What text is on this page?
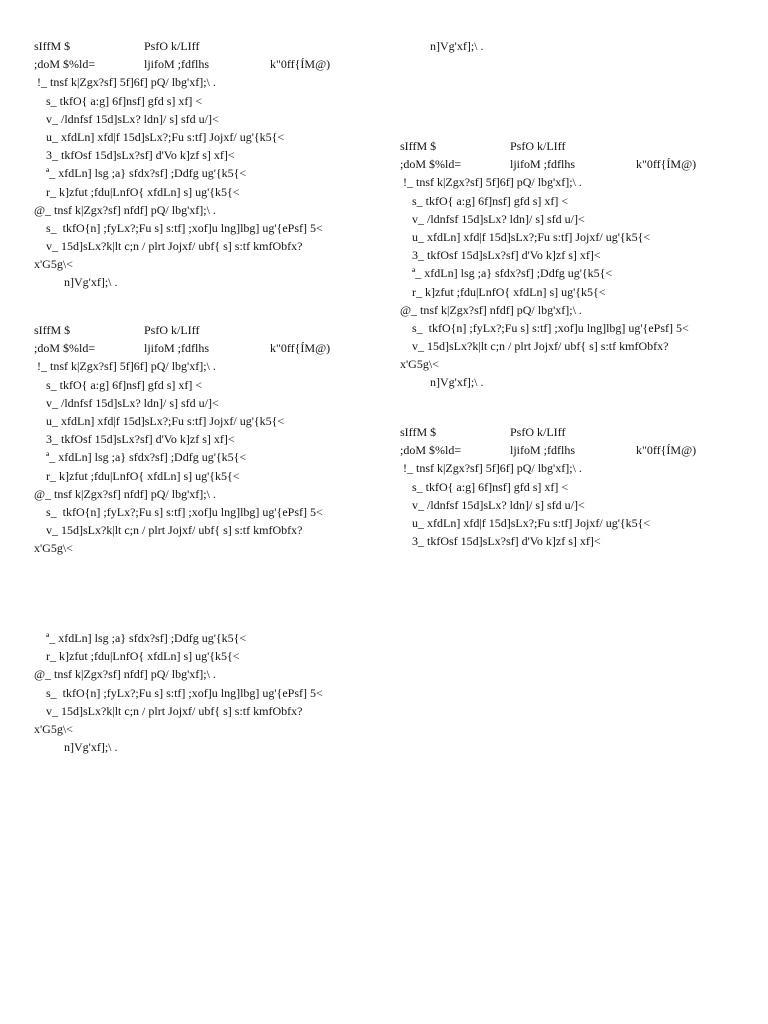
sIffM $	PsfO k/LIff
;doM $%ld=	ljifoM ;fdflhs	k"0ff{ÍM@)
!_ tnsf k|Zgx?sf] 5f]6f] pQ/ lbg'xf];\ .
s_ tkfO{ a:g] 6f]nsf] gfd s] xf] <
v_ /ldnfsf 15d]sLx? ldn]/ s] sfd u/]<
u_ xfdLn] xfd|f 15d]sLx?;Fu s:tf] Jojxf/ ug'{k5{<
3_ tkfOsf 15d]sLx?sf] d'Vo k]zf s] xf]<
ª_ xfdLn] lsg ;a} sfdx?sf] ;Ddfg ug'{k5{<
r_ k]zfut ;fdu|LnfO{ xfdLn] s] ug'{k5{<
@_ tnsf k|Zgx?sf] nfdf] pQ/ lbg'xf];\ .
s_  tkfO{n] ;fyLx?;Fu s] s:tf] ;xof]u lng]lbg] ug'{ePsf] 5<
v_ 15d]sLx?k|lt c;n / plrt Jojxf/ ubf{ s] s:tf kmfObfx?
x'G5g\<
n]Vg'xf];\ .
sIffM $	PsfO k/LIff
;doM $%ld=	ljifoM ;fdflhs	k"0ff{ÍM@)
!_ tnsf k|Zgx?sf] 5f]6f] pQ/ lbg'xf];\ .
s_ tkfO{ a:g] 6f]nsf] gfd s] xf] <
v_ /ldnfsf 15d]sLx? ldn]/ s] sfd u/]<
u_ xfdLn] xfd|f 15d]sLx?;Fu s:tf] Jojxf/ ug'{k5{<
3_ tkfOsf 15d]sLx?sf] d'Vo k]zf s] xf]<
ª_ xfdLn] lsg ;a} sfdx?sf] ;Ddfg ug'{k5{<
r_ k]zfut ;fdu|LnfO{ xfdLn] s] ug'{k5{<
@_ tnsf k|Zgx?sf] nfdf] pQ/ lbg'xf];\ .
s_  tkfO{n] ;fyLx?;Fu s] s:tf] ;xof]u lng]lbg] ug'{ePsf] 5<
v_ 15d]sLx?k|lt c;n / plrt Jojxf/ ubf{ s] s:tf kmfObfx?
x'G5g\<
ª_ xfdLn] lsg ;a} sfdx?sf] ;Ddfg ug'{k5{<
r_ k]zfut ;fdu|LnfO{ xfdLn] s] ug'{k5{<
@_ tnsf k|Zgx?sf] nfdf] pQ/ lbg'xf];\ .
s_  tkfO{n] ;fyLx?;Fu s] s:tf] ;xof]u lng]lbg] ug'{ePsf] 5<
v_ 15d]sLx?k|lt c;n / plrt Jojxf/ ubf{ s] s:tf kmfObfx?
x'G5g\<
n]Vg'xf];\ .
n]Vg'xf];\ .
sIffM $	PsfO k/LIff
;doM $%ld=	ljifoM ;fdflhs	k"0ff{ÍM@)
!_ tnsf k|Zgx?sf] 5f]6f] pQ/ lbg'xf];\ .
s_ tkfO{ a:g] 6f]nsf] gfd s] xf] <
v_ /ldnfsf 15d]sLx? ldn]/ s] sfd u/]<
u_ xfdLn] xfd|f 15d]sLx?;Fu s:tf] Jojxf/ ug'{k5{<
3_ tkfOsf 15d]sLx?sf] d'Vo k]zf s] xf]<
ª_ xfdLn] lsg ;a} sfdx?sf] ;Ddfg ug'{k5{<
r_ k]zfut ;fdu|LnfO{ xfdLn] s] ug'{k5{<
@_ tnsf k|Zgx?sf] nfdf] pQ/ lbg'xf];\ .
s_  tkfO{n] ;fyLx?;Fu s] s:tf] ;xof]u lng]lbg] ug'{ePsf] 5<
v_ 15d]sLx?k|lt c;n / plrt Jojxf/ ubf{ s] s:tf kmfObfx?
x'G5g\<
n]Vg'xf];\ .
sIffM $	PsfO k/LIff
;doM $%ld=	ljifoM ;fdflhs	k"0ff{ÍM@)
!_ tnsf k|Zgx?sf] 5f]6f] pQ/ lbg'xf];\ .
s_ tkfO{ a:g] 6f]nsf] gfd s] xf] <
v_ /ldnfsf 15d]sLx? ldn]/ s] sfd u/]<
u_ xfdLn] xfd|f 15d]sLx?;Fu s:tf] Jojxf/ ug'{k5{<
3_ tkfOsf 15d]sLx?sf] d'Vo k]zf s] xf]<
